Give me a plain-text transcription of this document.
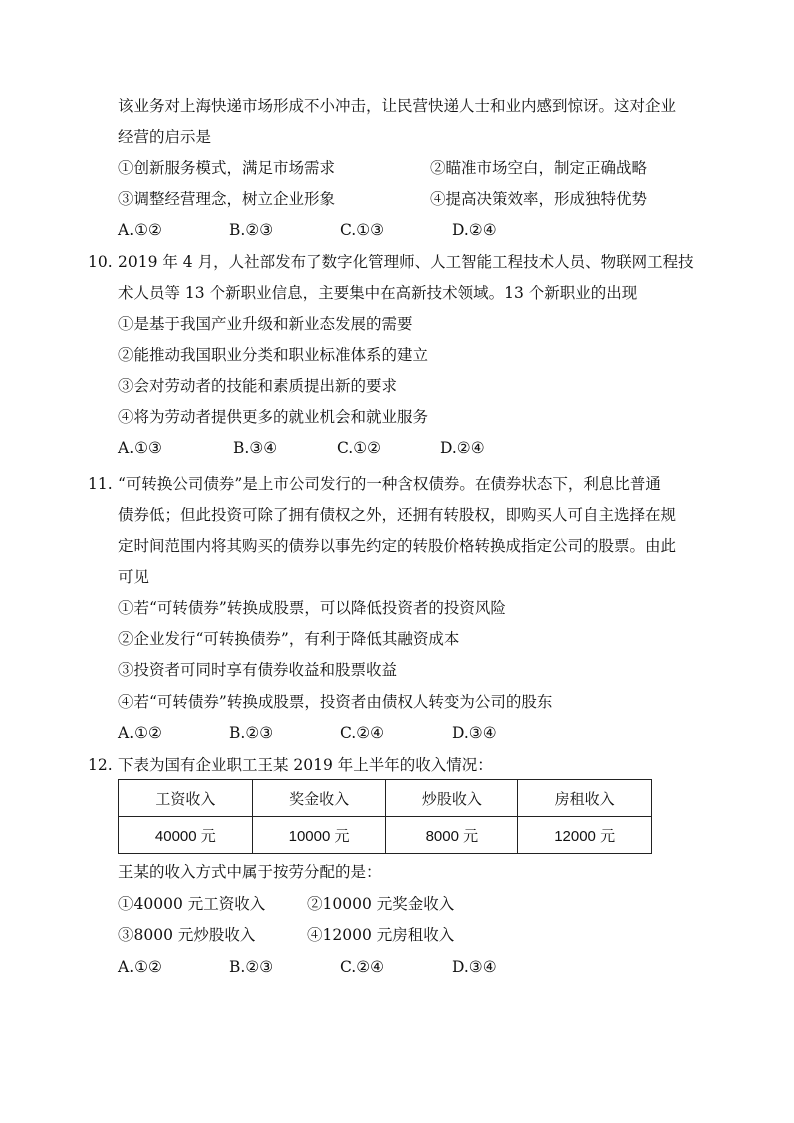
该业务对上海快递市场形成不小冲击，让民营快递人士和业内感到惊讶。这对企业
经营的启示是
①创新服务模式，满足市场需求	②瞄准市场空白，制定正确战略
③调整经营理念，树立企业形象	④提高决策效率，形成独特优势
A.①②	B.②③	C.①③	D.②④
10. 2019 年 4 月，人社部发布了数字化管理师、人工智能工程技术人员、物联网工程技
术人员等 13 个新职业信息，主要集中在高新技术领域。13 个新职业的出现
①是基于我国产业升级和新业态发展的需要
②能推动我国职业分类和职业标准体系的建立
③会对劳动者的技能和素质提出新的要求
④将为劳动者提供更多的就业机会和就业服务
A.①③	B.③④	C.①②	D.②④
11. “可转换公司债券”是上市公司发行的一种含权债券。在债券状态下，利息比普通
债券低；但此投资可除了拥有债权之外，还拥有转股权，即购买人可自主选择在规
定时间范围内将其购买的债券以事先约定的转股价格转换成指定公司的股票。由此
可见
①若“可转债券”转换成股票，可以降低投资者的投资风险
②企业发行“可转换债券”，有利于降低其融资成本
③投资者可同时享有债券收益和股票收益
④若“可转债券”转换成股票，投资者由债权人转变为公司的股东
A.①②	B.②③	C.②④	D.③④
12. 下表为国有企业职工王某 2019 年上半年的收入情况：
工资收入	奖金收入	炒股收入	房租收入
40000 元	10000 元	8000 元	12000 元
王某的收入方式中属于按劳分配的是：
①40000 元工资收入	②10000 元奖金收入
③8000 元炒股收入	④12000 元房租收入
A.①②	B.②③	C.②④	D.③④
